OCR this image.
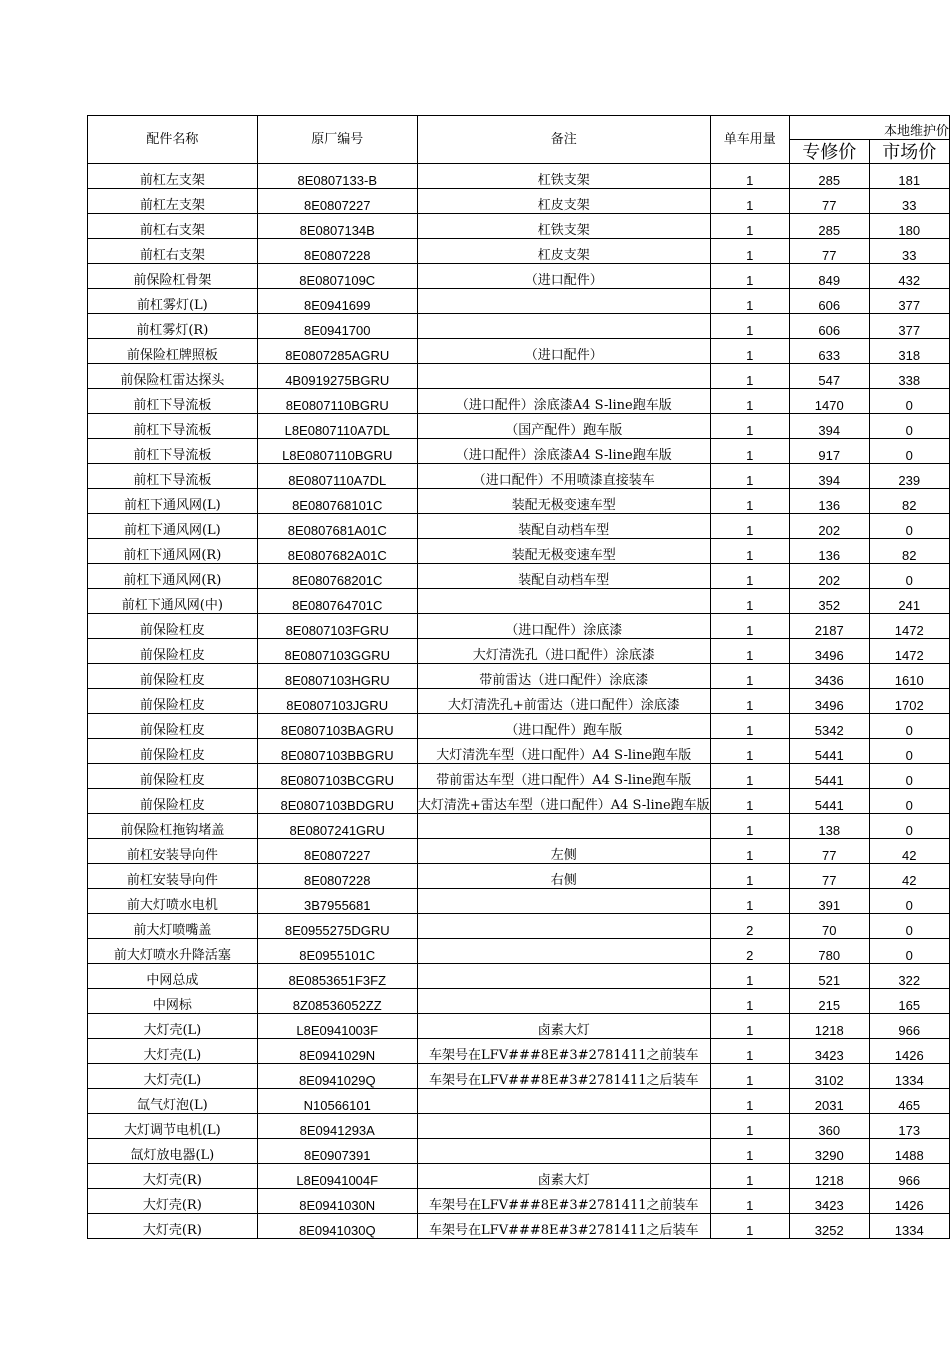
配件名称	原厂编号	备注	单车用量	本地维护价	
				专修价	市场价
前杠左支架	8E0807133-B	杠铁支架	1	285	181
前杠左支架	8E0807227	杠皮支架	1	77	33
前杠右支架	8E0807134B	杠铁支架	1	285	180
前杠右支架	8E0807228	杠皮支架	1	77	33
前保险杠骨架	8E0807109C	（进口配件）	1	849	432
前杠雾灯(L)	8E0941699		1	606	377
前杠雾灯(R)	8E0941700		1	606	377
前保险杠牌照板	8E0807285AGRU	（进口配件）	1	633	318
前保险杠雷达探头	4B0919275BGRU		1	547	338
前杠下导流板	8E0807110BGRU	（进口配件）涂底漆A4 S-line跑车版	1	1470	0
前杠下导流板	L8E0807110A7DL	（国产配件）跑车版	1	394	0
前杠下导流板	L8E0807110BGRU	（进口配件）涂底漆A4 S-line跑车版	1	917	0
前杠下导流板	8E0807110A7DL	（进口配件）不用喷漆直接装车	1	394	239
前杠下通风网(L)	8E080768101C	装配无极变速车型	1	136	82
前杠下通风网(L)	8E0807681A01C	装配自动档车型	1	202	0
前杠下通风网(R)	8E0807682A01C	装配无极变速车型	1	136	82
前杠下通风网(R)	8E080768201C	装配自动档车型	1	202	0
前杠下通风网(中)	8E080764701C		1	352	241
前保险杠皮	8E0807103FGRU	（进口配件）涂底漆	1	2187	1472
前保险杠皮	8E0807103GGRU	大灯清洗孔（进口配件）涂底漆	1	3496	1472
前保险杠皮	8E0807103HGRU	带前雷达（进口配件）涂底漆	1	3436	1610
前保险杠皮	8E0807103JGRU	大灯清洗孔+前雷达（进口配件）涂底漆	1	3496	1702
前保险杠皮	8E0807103BAGRU	（进口配件）跑车版	1	5342	0
前保险杠皮	8E0807103BBGRU	大灯清洗车型（进口配件）A4 S-line跑车版	1	5441	0
前保险杠皮	8E0807103BCGRU	带前雷达车型（进口配件）A4 S-line跑车版	1	5441	0
前保险杠皮	8E0807103BDGRU	大灯清洗+雷达车型（进口配件）A4 S-line跑车版	1	5441	0
前保险杠拖钩堵盖	8E0807241GRU		1	138	0
前杠安装导向件	8E0807227	左侧	1	77	42
前杠安装导向件	8E0807228	右侧	1	77	42
前大灯喷水电机	3B7955681		1	391	0
前大灯喷嘴盖	8E0955275DGRU		2	70	0
前大灯喷水升降活塞	8E0955101C		2	780	0
中网总成	8E0853651F3FZ		1	521	322
中网标	8Z08536052ZZ		1	215	165
大灯壳(L)	L8E0941003F	卤素大灯	1	1218	966
大灯壳(L)	8E0941029N	车架号在LFV###8E#3#2781411之前装车	1	3423	1426
大灯壳(L)	8E0941029Q	车架号在LFV###8E#3#2781411之后装车	1	3102	1334
氙气灯泡(L)	N10566101		1	2031	465
大灯调节电机(L)	8E0941293A		1	360	173
氙灯放电器(L)	8E0907391		1	3290	1488
大灯壳(R)	L8E0941004F	卤素大灯	1	1218	966
大灯壳(R)	8E0941030N	车架号在LFV###8E#3#2781411之前装车	1	3423	1426
大灯壳(R)	8E0941030Q	车架号在LFV###8E#3#2781411之后装车	1	3252	1334
